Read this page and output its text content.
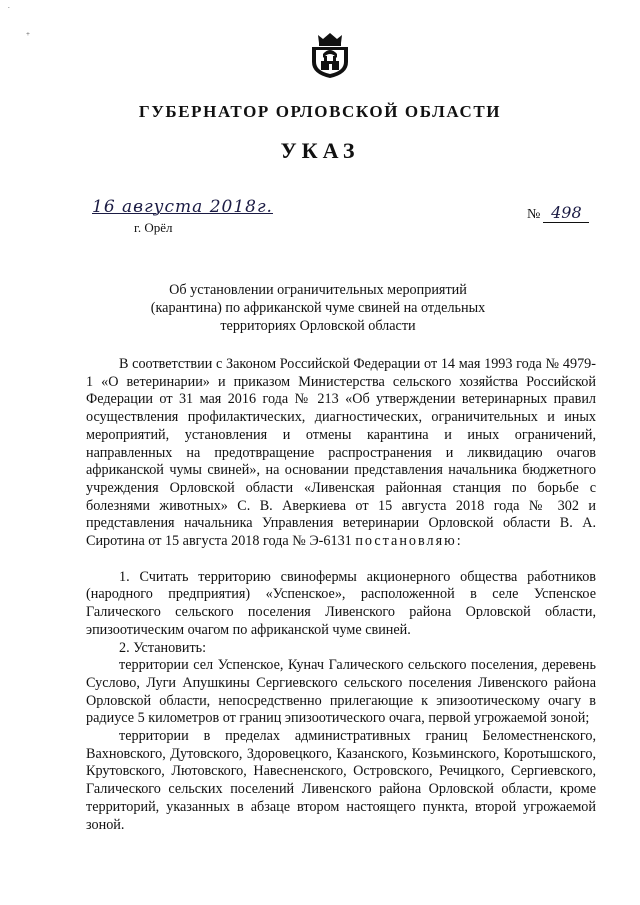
.
+
ГУБЕРНАТОР ОРЛОВСКОЙ ОБЛАСТИ
УКАЗ
16 августа 2018г.
г. Орёл
№ 498
Об установлении ограничительных мероприятий
(карантина) по африканской чуме свиней на отдельных
территориях Орловской области

В соответствии с Законом Российской Федерации от 14 мая 1993 года № 4979-1 «О ветеринарии» и приказом Министерства сельского хозяйства Российской Федерации от 31 мая 2016 года № 213 «Об утверждении ветеринарных правил осуществления профилактических, диагностических, ограничительных и иных мероприятий, установления и отмены карантина и иных ограничений, направленных на предотвращение распространения и ликвидацию очагов африканской чумы свиней», на основании представления начальника бюджетного учреждения Орловской области «Ливенская районная станция по борьбе с болезнями животных» С. В. Аверкиева от 15 августа 2018 года № 302 и представления начальника Управления ветеринарии Орловской области В. А. Сиротина от 15 августа 2018 года № Э-6131 постановляю:

1. Считать территорию свинофермы акционерного общества работников (народного предприятия) «Успенское», расположенной в селе Успенское Галического сельского поселения Ливенского района Орловской области, эпизоотическим очагом по африканской чуме свиней.

2. Установить:

территории сел Успенское, Кунач Галического сельского поселения, деревень Суслово, Луги Апушкины Сергиевского сельского поселения Ливенского района Орловской области, непосредственно прилегающие к эпизоотическому очагу в радиусе 5 километров от границ эпизоотического очага, первой угрожаемой зоной;

территории в пределах административных границ Беломестненского, Вахновского, Дутовского, Здоровецкого, Казанского, Козьминского, Коротышского, Крутовского, Лютовского, Навесненского, Островского, Речицкого, Сергиевского, Галического сельских поселений Ливенского района Орловской области, кроме территорий, указанных в абзаце втором настоящего пункта, второй угрожаемой зоной.
